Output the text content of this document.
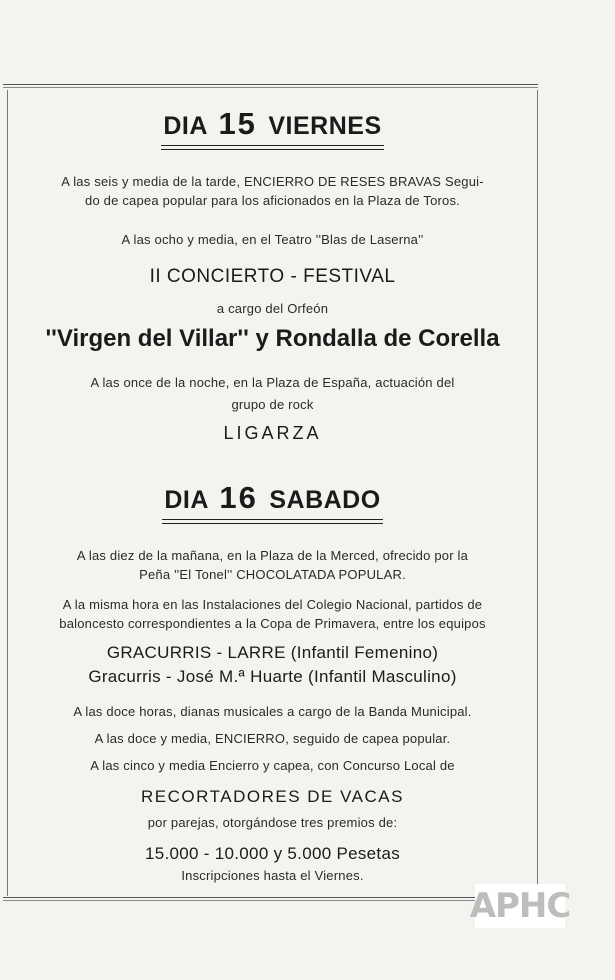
DIA 15 VIERNES
A las seis y media de la tarde, ENCIERRO DE RESES BRAVAS Segui-
do de capea popular para los aficionados en la Plaza de Toros.
A las ocho y media, en el Teatro ''Blas de Laserna''
II CONCIERTO - FESTIVAL
a cargo del Orfeón
''Virgen del Villar'' y Rondalla de Corella
A las once de la noche, en la Plaza de España, actuación del
grupo de rock
LIGARZA
DIA 16 SABADO
A las diez de la mañana, en la Plaza de la Merced, ofrecido por la
Peña ''El Tonel'' CHOCOLATADA POPULAR.
A la misma hora en las Instalaciones del Colegio Nacional, partidos de
baloncesto correspondientes a la Copa de Primavera, entre los equipos
GRACURRIS - LARRE (Infantil Femenino)
Gracurris - José M.ª Huarte (Infantil Masculino)
A las doce horas, dianas musicales a cargo de la Banda Municipal.
A las doce y media, ENCIERRO, seguido de capea popular.
A las cinco y media Encierro y capea, con Concurso Local de
RECORTADORES DE VACAS
por parejas, otorgándose tres premios de:
15.000 - 10.000 y 5.000 Pesetas
Inscripciones hasta el Viernes.
APHC
